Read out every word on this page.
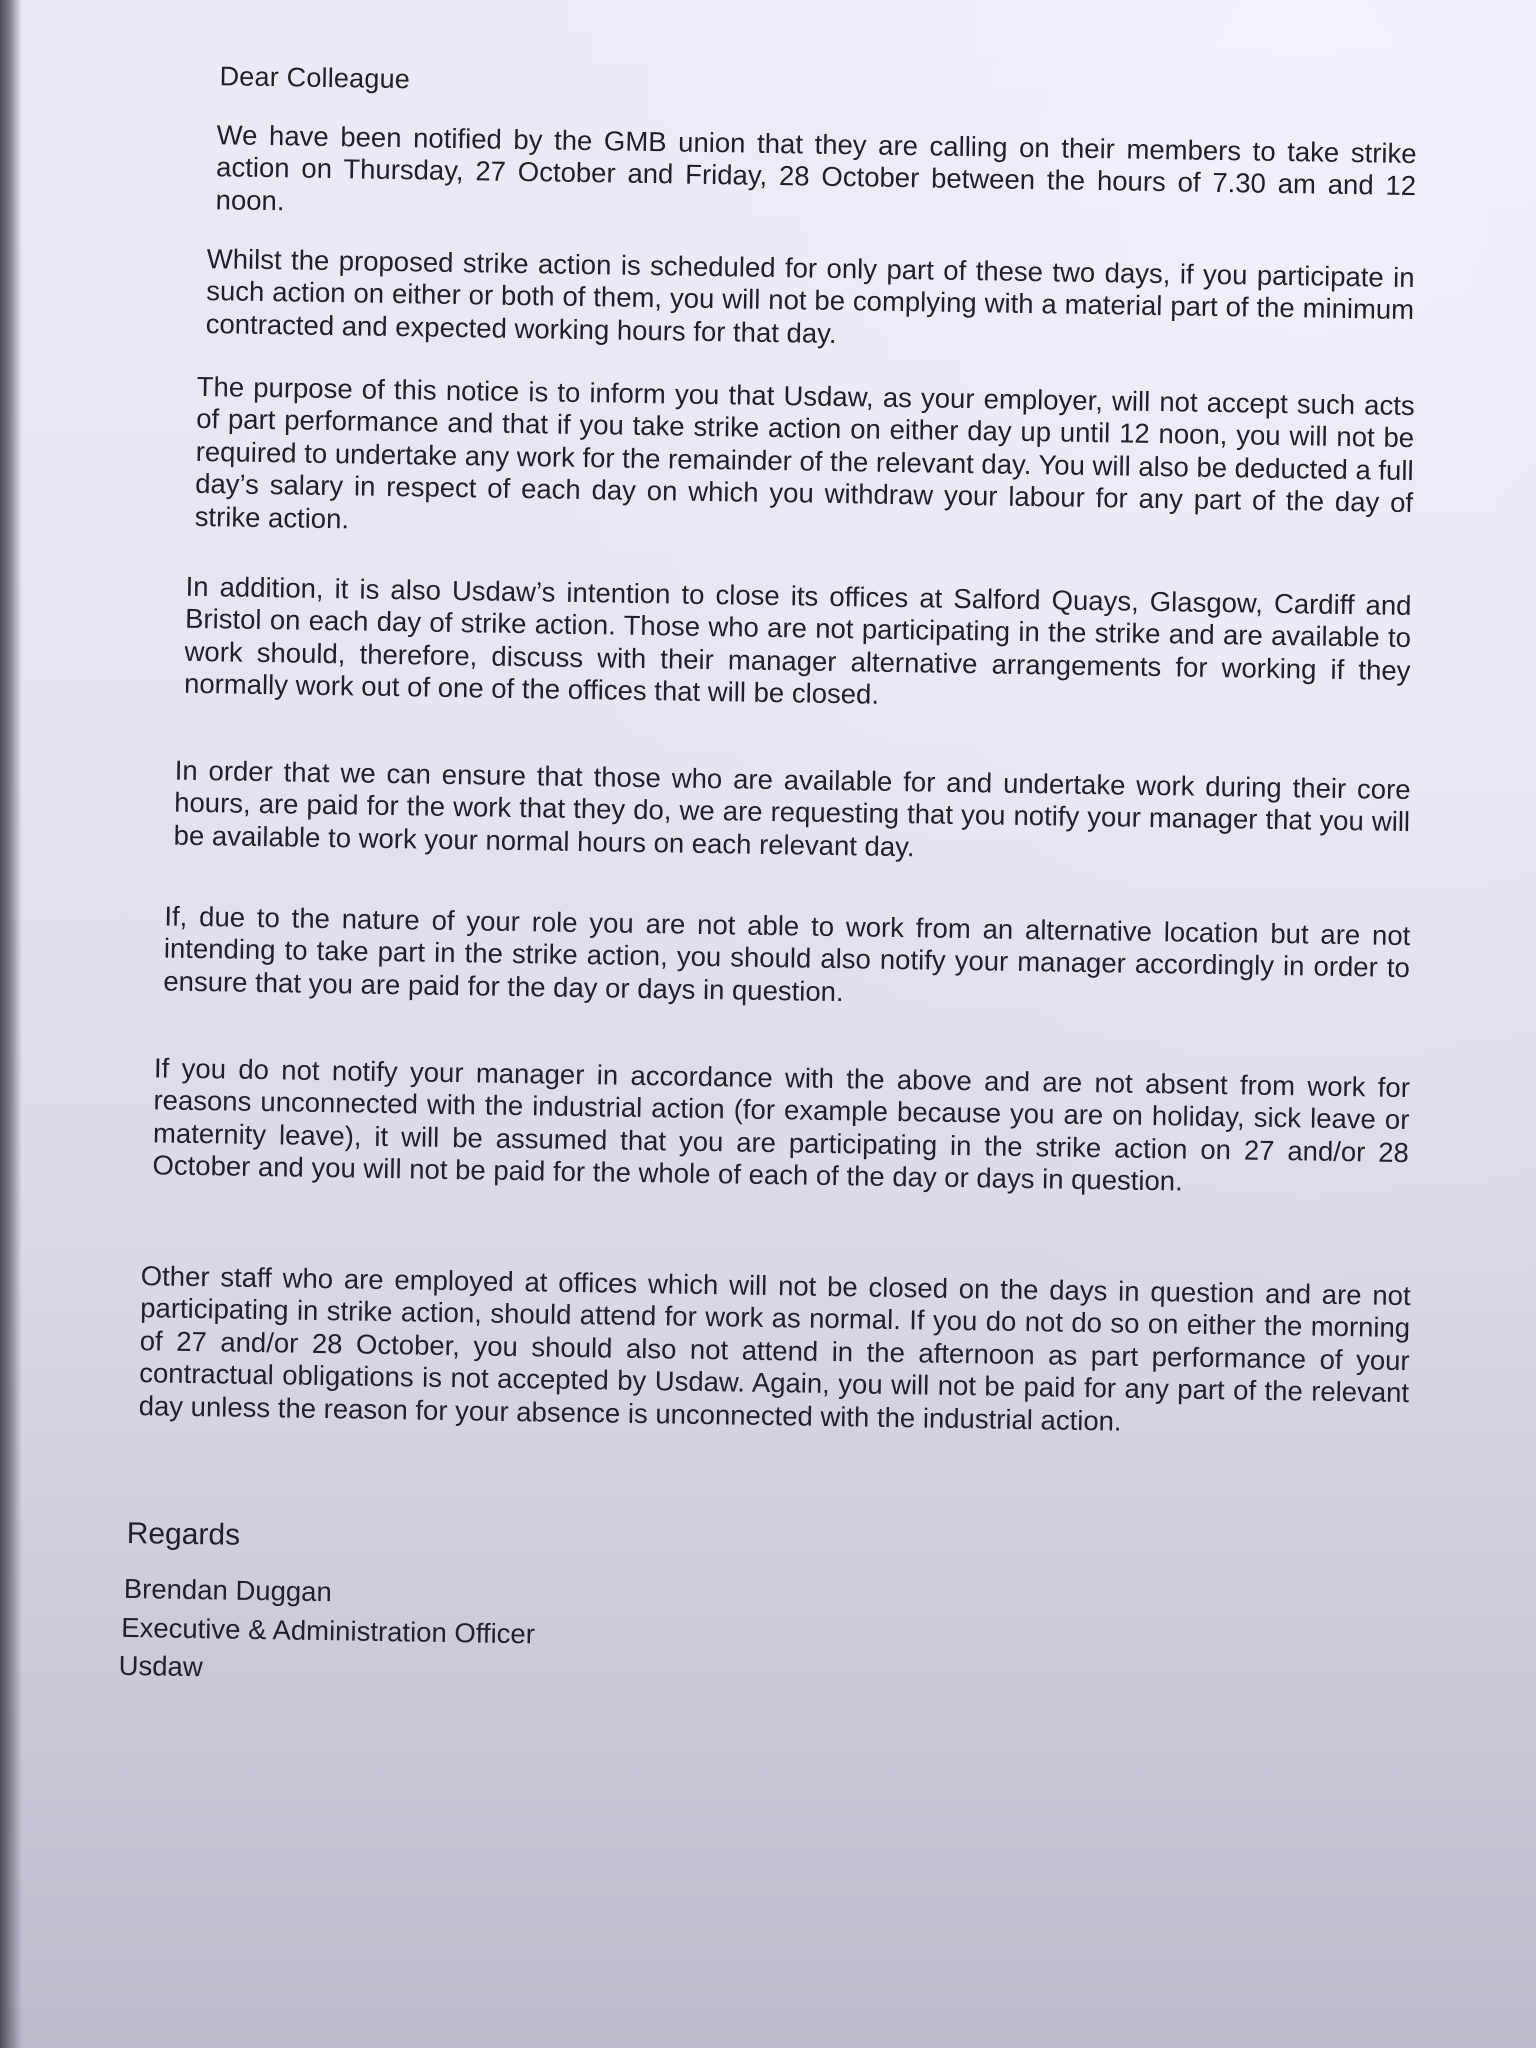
Dear Colleague

We have been notified by the GMB union that they are calling on their members to take strike action on Thursday, 27 October and Friday, 28 October between the hours of 7.30 am and 12 noon.

Whilst the proposed strike action is scheduled for only part of these two days, if you participate in such action on either or both of them, you will not be complying with a material part of the minimum contracted and expected working hours for that day.

The purpose of this notice is to inform you that Usdaw, as your employer, will not accept such acts of part performance and that if you take strike action on either day up until 12 noon, you will not be required to undertake any work for the remainder of the relevant day. You will also be deducted a full day’s salary in respect of each day on which you withdraw your labour for any part of the day of strike action.

In addition, it is also Usdaw’s intention to close its offices at Salford Quays, Glasgow, Cardiff and Bristol on each day of strike action. Those who are not participating in the strike and are available to work should, therefore, discuss with their manager alternative arrangements for working if they normally work out of one of the offices that will be closed.

In order that we can ensure that those who are available for and undertake work during their core hours, are paid for the work that they do, we are requesting that you notify your manager that you will be available to work your normal hours on each relevant day.

If, due to the nature of your role you are not able to work from an alternative location but are not intending to take part in the strike action, you should also notify your manager accordingly in order to ensure that you are paid for the day or days in question.

If you do not notify your manager in accordance with the above and are not absent from work for reasons unconnected with the industrial action (for example because you are on holiday, sick leave or maternity leave), it will be assumed that you are participating in the strike action on 27 and/or 28 October and you will not be paid for the whole of each of the day or days in question.

Other staff who are employed at offices which will not be closed on the days in question and are not participating in strike action, should attend for work as normal. If you do not do so on either the morning of 27 and/or 28 October, you should also not attend in the afternoon as part performance of your contractual obligations is not accepted by Usdaw. Again, you will not be paid for any part of the relevant day unless the reason for your absence is unconnected with the industrial action.

Regards
Brendan Duggan
Executive & Administration Officer
Usdaw
